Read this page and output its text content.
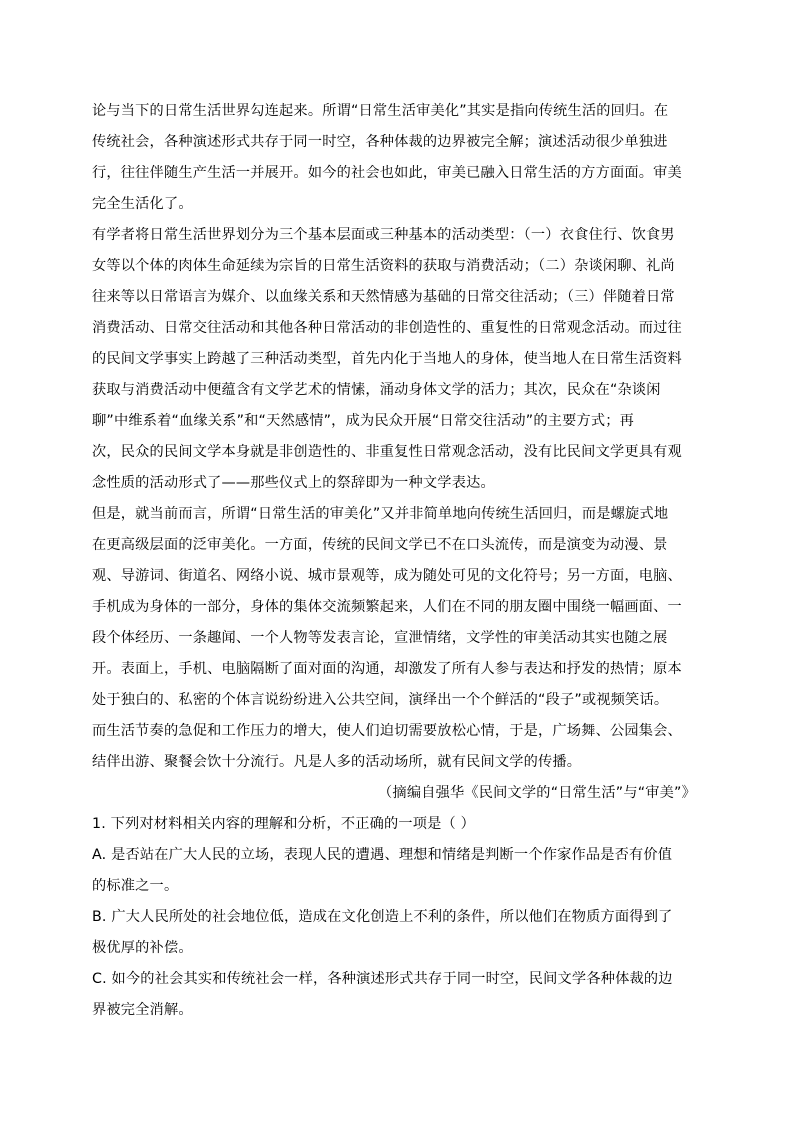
论与当下的日常生活世界勾连起来。所谓“日常生活审美化”其实是指向传统生活的回归。在
传统社会，各种演述形式共存于同一时空，各种体裁的边界被完全解；演述活动很少单独进
行，往往伴随生产生活一并展开。如今的社会也如此，审美已融入日常生活的方方面面。审美
完全生活化了。
有学者将日常生活世界划分为三个基本层面或三种基本的活动类型：（一）衣食住行、饮食男
女等以个体的肉体生命延续为宗旨的日常生活资料的获取与消费活动；（二）杂谈闲聊、礼尚
往来等以日常语言为媒介、以血缘关系和天然情感为基础的日常交往活动；（三）伴随着日常
消费活动、日常交往活动和其他各种日常活动的非创造性的、重复性的日常观念活动。而过往
的民间文学事实上跨越了三种活动类型，首先内化于当地人的身体，使当地人在日常生活资料
获取与消费活动中便蕴含有文学艺术的情愫，涌动身体文学的活力；其次，民众在“杂谈闲
聊”中维系着“血缘关系”和“天然感情”，成为民众开展“日常交往活动”的主要方式；再
次，民众的民间文学本身就是非创造性的、非重复性日常观念活动，没有比民间文学更具有观
念性质的活动形式了——那些仪式上的祭辞即为一种文学表达。
但是，就当前而言，所谓“日常生活的审美化”又并非简单地向传统生活回归，而是螺旋式地
在更高级层面的泛审美化。一方面，传统的民间文学已不在口头流传，而是演变为动漫、景
观、导游词、街道名、网络小说、城市景观等，成为随处可见的文化符号；另一方面，电脑、
手机成为身体的一部分，身体的集体交流频繁起来，人们在不同的朋友圈中围绕一幅画面、一
段个体经历、一条趣闻、一个人物等发表言论，宣泄情绪，文学性的审美活动其实也随之展
开。表面上，手机、电脑隔断了面对面的沟通，却激发了所有人参与表达和抒发的热情；原本
处于独白的、私密的个体言说纷纷进入公共空间，演绎出一个个鲜活的“段子”或视频笑话。
而生活节奏的急促和工作压力的增大，使人们迫切需要放松心情，于是，广场舞、公园集会、
结伴出游、聚餐会饮十分流行。凡是人多的活动场所，就有民间文学的传播。
（摘编自强华《民间文学的“日常生活”与“审美”》
1. 下列对材料相关内容的理解和分析，不正确的一项是（ ）
A. 是否站在广大人民的立场，表现人民的遭遇、理想和情绪是判断一个作家作品是否有价值
的标准之一。
B. 广大人民所处的社会地位低，造成在文化创造上不利的条件，所以他们在物质方面得到了
极优厚的补偿。
C. 如今的社会其实和传统社会一样，各种演述形式共存于同一时空，民间文学各种体裁的边
界被完全消解。
